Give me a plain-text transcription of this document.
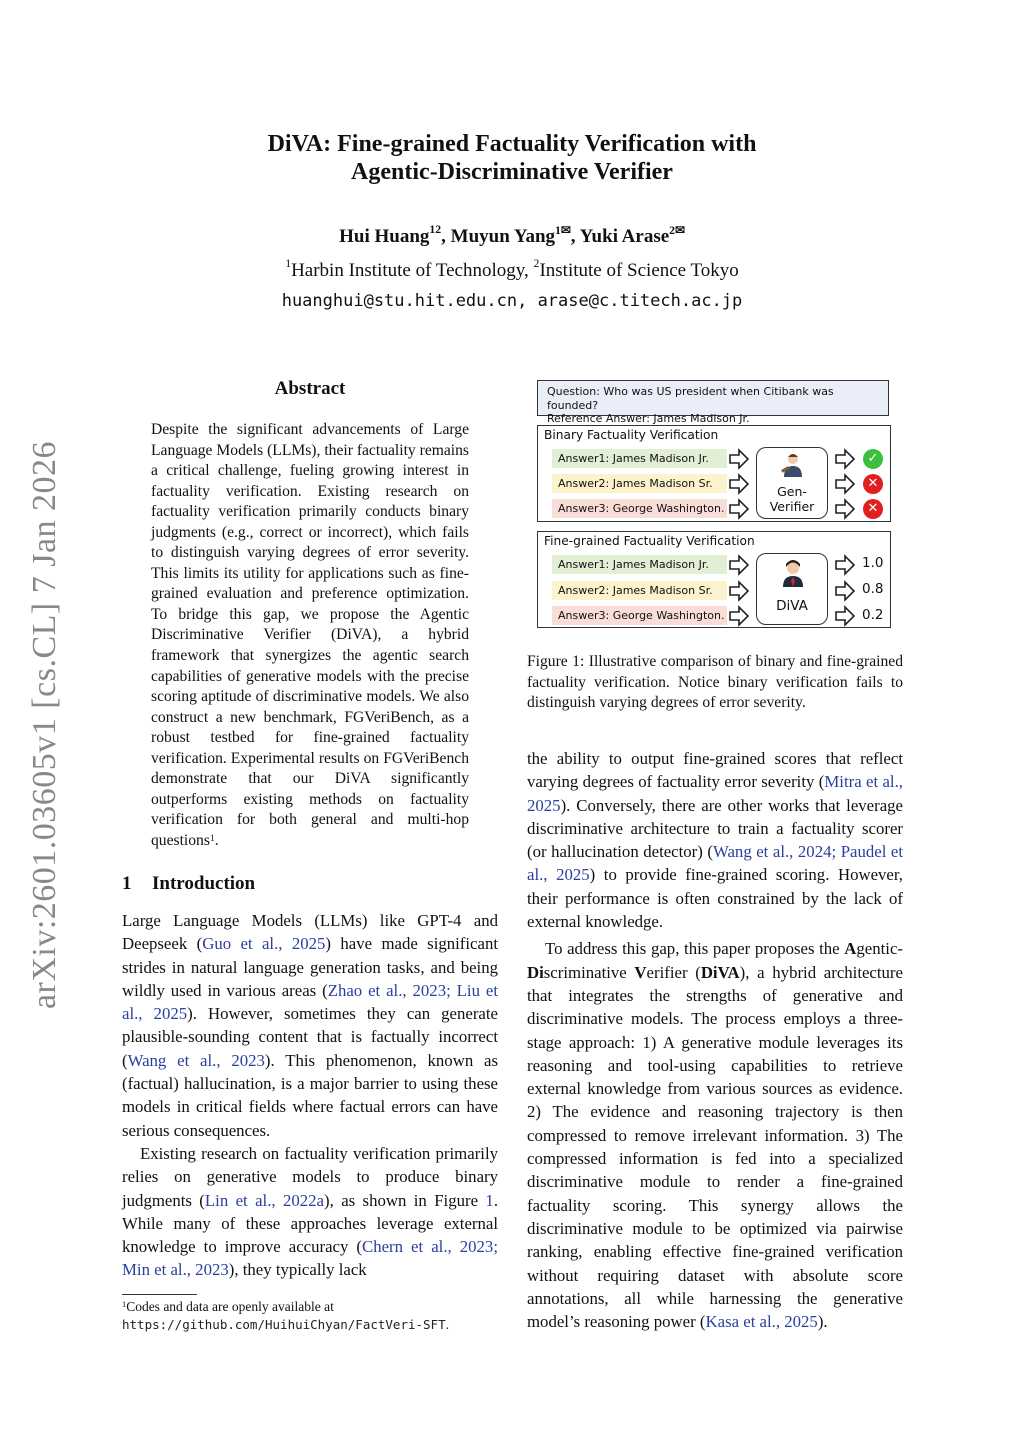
arXiv:2601.03605v1 [cs.CL] 7 Jan 2026
DiVA: Fine-grained Factuality Verification with
Agentic-Discriminative Verifier
Hui Huang$^{12}$, Muyun Yang$^{1✉}$, Yuki Arase$^{2✉}$
$^1$Harbin Institute of Technology, $^2$Institute of Science Tokyo
huanghui@stu.hit.edu.cn, arase@c.titech.ac.jp
Abstract
Despite the significant advancements of Large Language Models (LLMs), their factuality remains a critical challenge, fueling growing interest in factuality verification. Existing research on factuality verification primarily conducts binary judgments (e.g., correct or incorrect), which fails to distinguish varying degrees of error severity. This limits its utility for applications such as fine-grained evaluation and preference optimization. To bridge this gap, we propose the Agentic Discriminative Verifier (DiVA), a hybrid framework that synergizes the agentic search capabilities of generative models with the precise scoring aptitude of discriminative models. We also construct a new benchmark, FGVeriBench, as a robust testbed for fine-grained factuality verification. Experimental results on FGVeriBench demonstrate that our DiVA significantly outperforms existing methods on factuality verification for both general and multi-hop questions$^1$.
1 Introduction

Large Language Models (LLMs) like GPT-4 and Deepseek (Guo et al., 2025) have made significant strides in natural language generation tasks, and being wildly used in various areas (Zhao et al., 2023; Liu et al., 2025). However, sometimes they can generate plausible-sounding content that is factually incorrect (Wang et al., 2023). This phenomenon, known as (factual) hallucination, is a major barrier to using these models in critical fields where factual errors can have serious consequences.

Existing research on factuality verification primarily relies on generative models to produce binary judgments (Lin et al., 2022a), as shown in Figure 1. While many of these approaches leverage external knowledge to improve accuracy (Chern et al., 2023; Min et al., 2023), they typically lack

$^1$Codes and data are openly available at https://github.com/HuihuiChyan/FactVeri-SFT.
Question: Who was US president when Citibank was founded?
Reference Answer: James Madison Jr.
Binary Factuality Verification
Answer1: James Madison Jr.
Answer2: James Madison Sr.
Answer3: George Washington.
Gen-
Verifier
✓
✕
✕
Fine-grained Factuality Verification
Answer1: James Madison Jr.
Answer2: James Madison Sr.
Answer3: George Washington.
DiVA
1.0
0.8
0.2
Figure 1: Illustrative comparison of binary and fine-grained factuality verification. Notice binary verification fails to distinguish varying degrees of error severity.

the ability to output fine-grained scores that reflect varying degrees of factuality error severity (Mitra et al., 2025). Conversely, there are other works that leverage discriminative architecture to train a factuality scorer (or hallucination detector) (Wang et al., 2024; Paudel et al., 2025) to provide fine-grained scoring. However, their performance is often constrained by the lack of external knowledge.

To address this gap, this paper proposes the Agentic-Discriminative Verifier (DiVA), a hybrid architecture that integrates the strengths of generative and discriminative models. The process employs a three-stage approach: 1) A generative module leverages its reasoning and tool-using capabilities to retrieve external knowledge from various sources as evidence. 2) The evidence and reasoning trajectory is then compressed to remove irrelevant information. 3) The compressed information is fed into a specialized discriminative module to render a fine-grained factuality scoring. This synergy allows the discriminative module to be optimized via pairwise ranking, enabling effective fine-grained verification without requiring dataset with absolute score annotations, all while harnessing the generative model’s reasoning power (Kasa et al., 2025).
